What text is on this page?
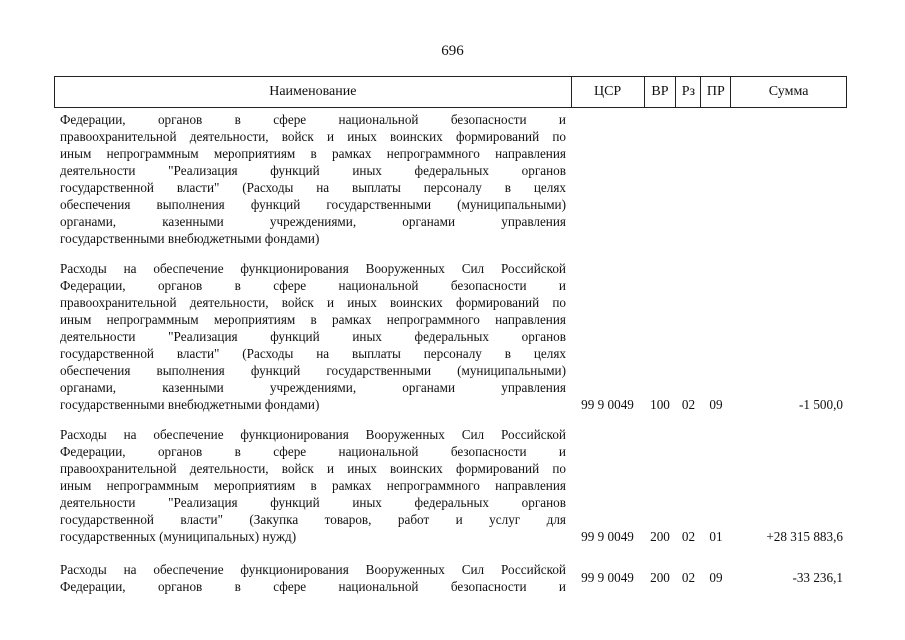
696
Наименование	ЦСР	ВР Рз ПР	Сумма
Федерации, органов в сфере национальной безопасности и
правоохранительной деятельности, войск и иных воинских формирований по
иным непрограммным мероприятиям в рамках непрограммного направления
деятельности "Реализация функций иных федеральных органов
государственной власти" (Расходы на выплаты персоналу в целях
обеспечения выполнения функций государственными (муниципальными)
органами, казенными учреждениями, органами управления
государственными внебюджетными фондами)
Расходы на обеспечение функционирования Вооруженных Сил Российской
Федерации, органов в сфере национальной безопасности и
правоохранительной деятельности, войск и иных воинских формирований по
иным непрограммным мероприятиям в рамках непрограммного направления
деятельности "Реализация функций иных федеральных органов
государственной власти" (Расходы на выплаты персоналу в целях
обеспечения выполнения функций государственными (муниципальными)
органами, казенными учреждениями, органами управления
государственными внебюджетными фондами)	99 9 0049	100 02	09	-1 500,0
Расходы на обеспечение функционирования Вооруженных Сил Российской
Федерации, органов в сфере национальной безопасности и
правоохранительной деятельности, войск и иных воинских формирований по
иным непрограммным мероприятиям в рамках непрограммного направления
деятельности "Реализация функций иных федеральных органов
государственной власти" (Закупка товаров, работ и услуг для
государственных (муниципальных) нужд)	99 9 0049	200 02	01	+28 315 883,6
Расходы на обеспечение функционирования Вооруженных Сил Российской
Федерации, органов в сфере национальной безопасности и
99 9 0049	200 02	09	-33 236,1
